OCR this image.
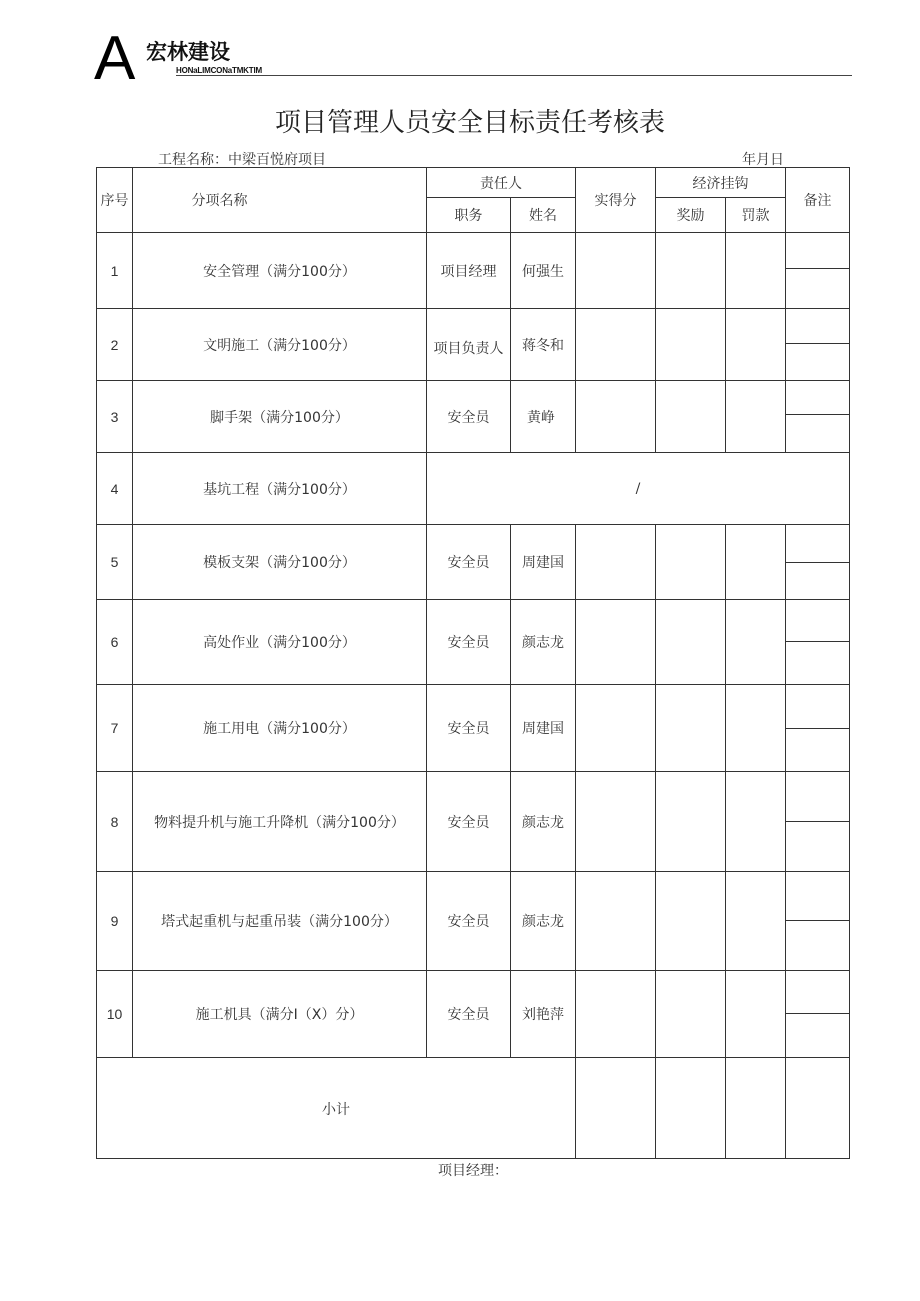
A 宏林建设
HONaLIMCONaTMKTIM
项目管理人员安全目标责任考核表
工程名称：中梁百悦府项目	年月日
序号	分项名称	责任人		实得分	经济挂钩		备注
		职务	姓名		奖励	罚款	
1	安全管理（满分100分）	项目经理	何强生				

2	文明施工（满分100分）	项目负责人	蒋冬和				

3	脚手架（满分100分）	安全员	黄峥				

4	基坑工程（满分100分）	/					
5	模板支架（满分100分）	安全员	周建国				

6	高处作业（满分100分）	安全员	颜志龙				

7	施工用电（满分100分）	安全员	周建国				

8	物料提升机与施工升降机（满分100分）	安全员	颜志龙				

9	塔式起重机与起重吊装（满分100分）	安全员	颜志龙				

10	施工机具（满分I（X）分）	安全员	刘艳萍				

小计							
项目经理：
